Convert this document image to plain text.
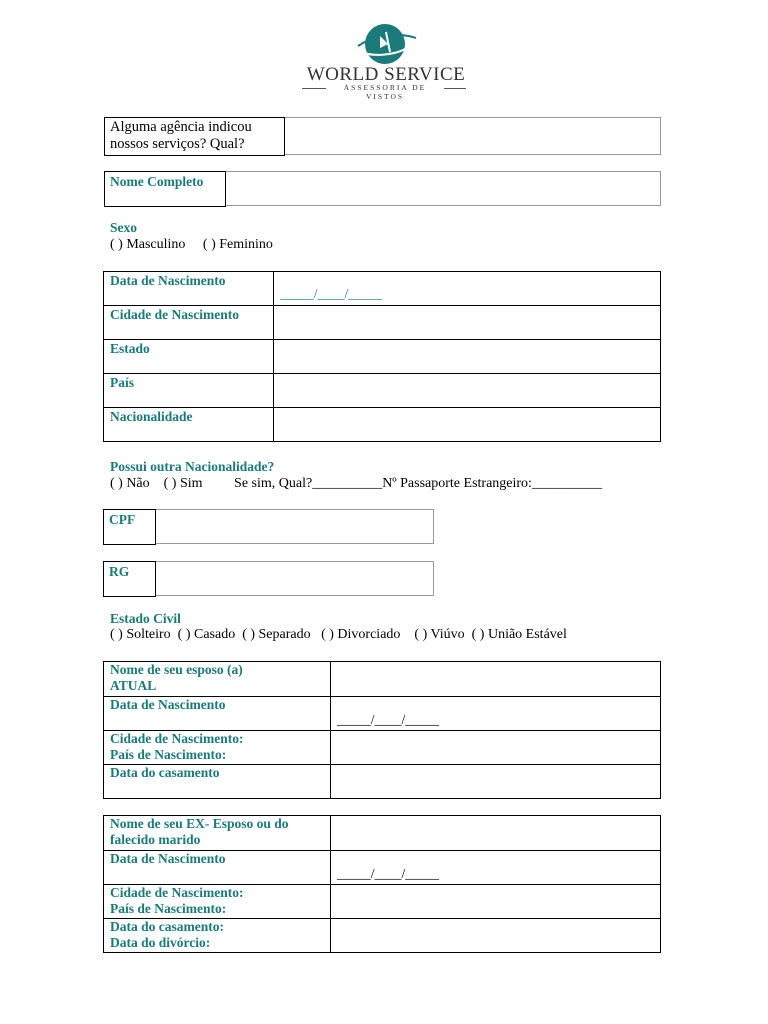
WORLD SERVICE
ASSESSORIA DE VISTOS
Alguma agência indicou
nossos serviços? Qual?
Nome Completo
Sexo
( ) Masculino     ( ) Feminino
Data de Nascimento	_____/____/_____
Cidade de Nascimento	
Estado	
País	
Nacionalidade	
Possui outra Nacionalidade?
( ) Não    ( ) Sim         Se sim, Qual?__________Nº Passaporte Estrangeiro:__________
CPF
RG
Estado Civil
( ) Solteiro  ( ) Casado  ( ) Separado   ( ) Divorciado    ( ) Viúvo  ( ) União Estável
Nome de seu esposo (a)
ATUAL	

Data de Nascimento	_____/____/_____

Cidade de Nascimento:
País de Nascimento:	

Data do casamento	

Nome de seu EX- Esposo ou do
falecido marido	

Data de Nascimento	_____/____/_____

Cidade de Nascimento:
País de Nascimento:	

Data do casamento:
Data do divórcio:	
